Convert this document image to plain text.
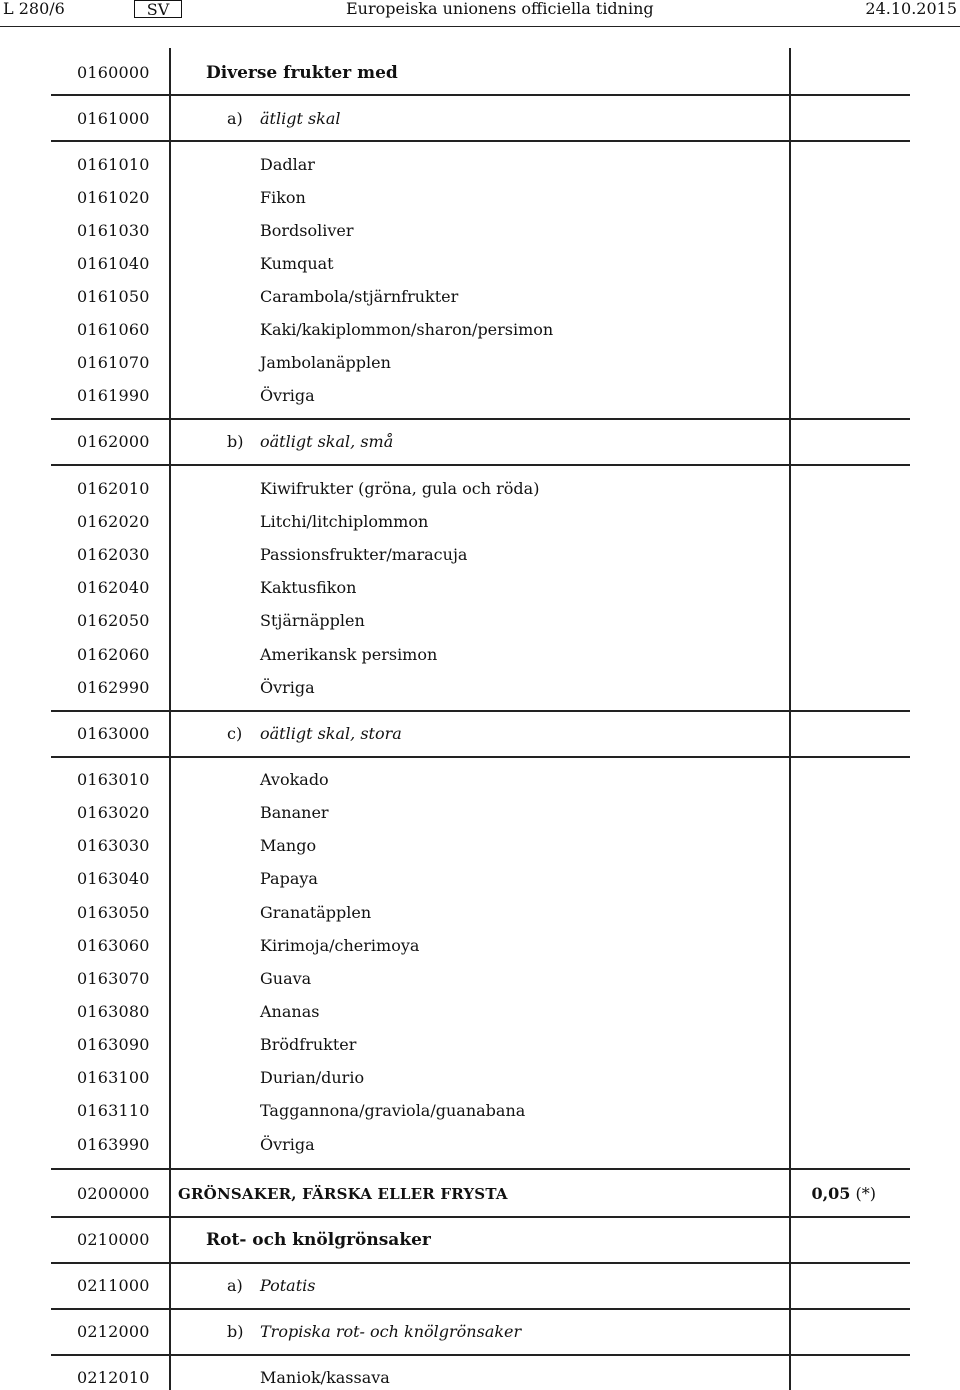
L 280/6	SV	Europeiska unionens officiella tidning	24.10.2015
0160000	Diverse frukter med
0161000	a) ätligt skal
0161010	Dadlar
0161020	Fikon
0161030	Bordsoliver
0161040	Kumquat
0161050	Carambola/stjärnfrukter
0161060	Kaki/kakiplommon/sharon/persimon
0161070	Jambolanäpplen
0161990	Övriga
0162000	b) oätligt skal, små
0162010	Kiwifrukter (gröna, gula och röda)
0162020	Litchi/litchiplommon
0162030	Passionsfrukter/maracuja
0162040	Kaktusfikon
0162050	Stjärnäpplen
0162060	Amerikansk persimon
0162990	Övriga
0163000	c) oätligt skal, stora
0163010	Avokado
0163020	Bananer
0163030	Mango
0163040	Papaya
0163050	Granatäpplen
0163060	Kirimoja/cherimoya
0163070	Guava
0163080	Ananas
0163090	Brödfrukter
0163100	Durian/durio
0163110	Taggannona/graviola/guanabana
0163990	Övriga
0200000 GRÖNSAKER, FÄRSKA ELLER FRYSTA	0,05 (*)
0210000	Rot- och knölgrönsaker
0211000	a) Potatis
0212000	b) Tropiska rot- och knölgrönsaker
0212010	Maniok/kassava
